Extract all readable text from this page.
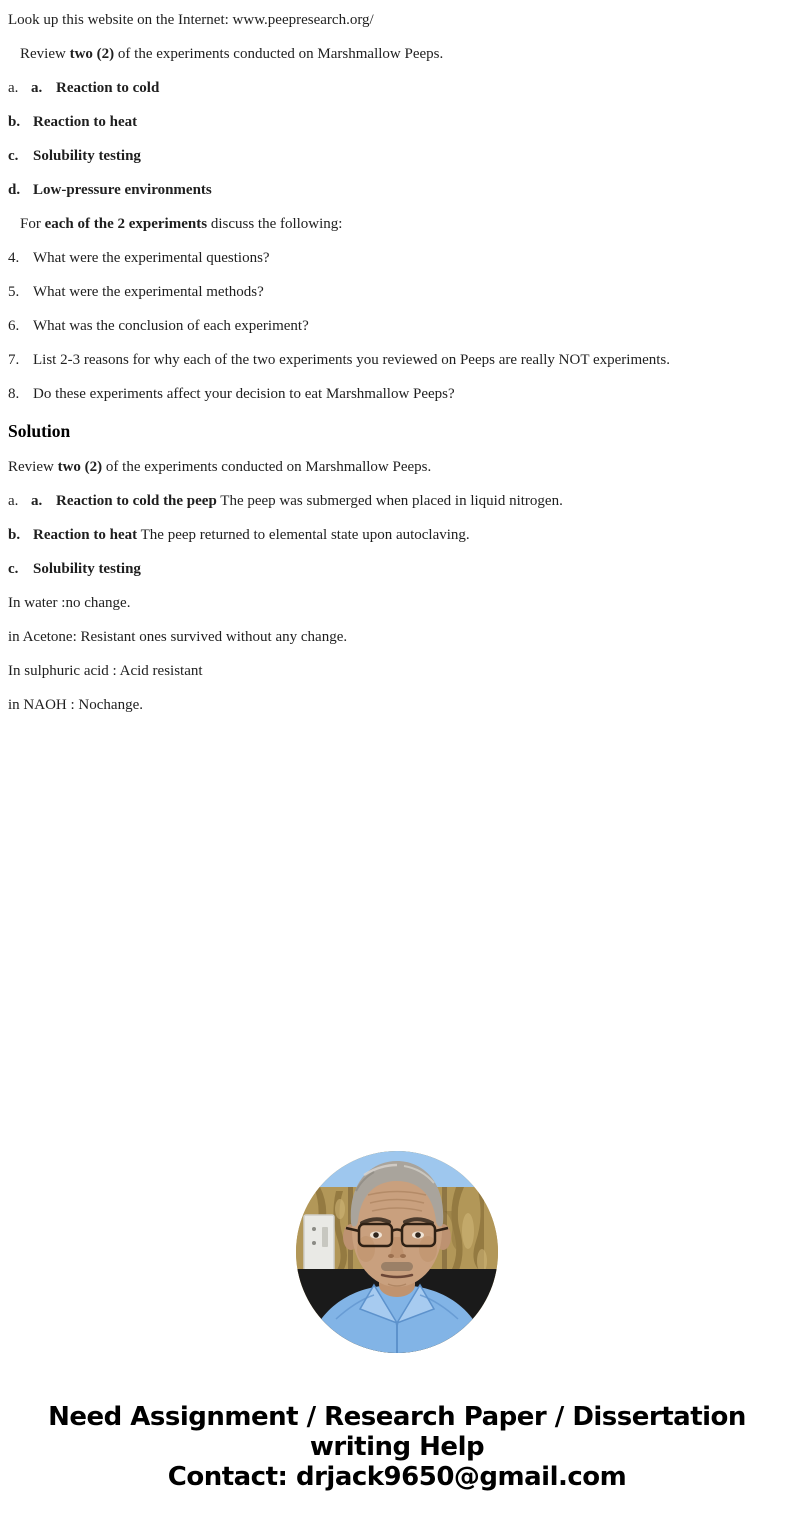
Look up this website on the Internet: www.peepresearch.org/

Review two (2) of the experiments conducted on Marshmallow Peeps.

a. a. Reaction to cold

b. Reaction to heat

c. Solubility testing

d. Low-pressure environments

For each of the 2 experiments discuss the following:

4. What were the experimental questions?

5. What were the experimental methods?

6. What was the conclusion of each experiment?

7. List 2-3 reasons for why each of the two experiments you reviewed on Peeps are really NOT experiments.

8. Do these experiments affect your decision to eat Marshmallow Peeps?

Solution

Review two (2) of the experiments conducted on Marshmallow Peeps.

a. a. Reaction to cold the peep The peep was submerged when placed in liquid nitrogen.

b. Reaction to heat The peep returned to elemental state upon autoclaving.

c. Solubility testing

In water :no change.

in Acetone: Resistant ones survived without any change.

In sulphuric acid : Acid resistant

in NAOH : Nochange.

Need Assignment / Research Paper / Dissertation
writing Help
Contact: drjack9650@gmail.com
